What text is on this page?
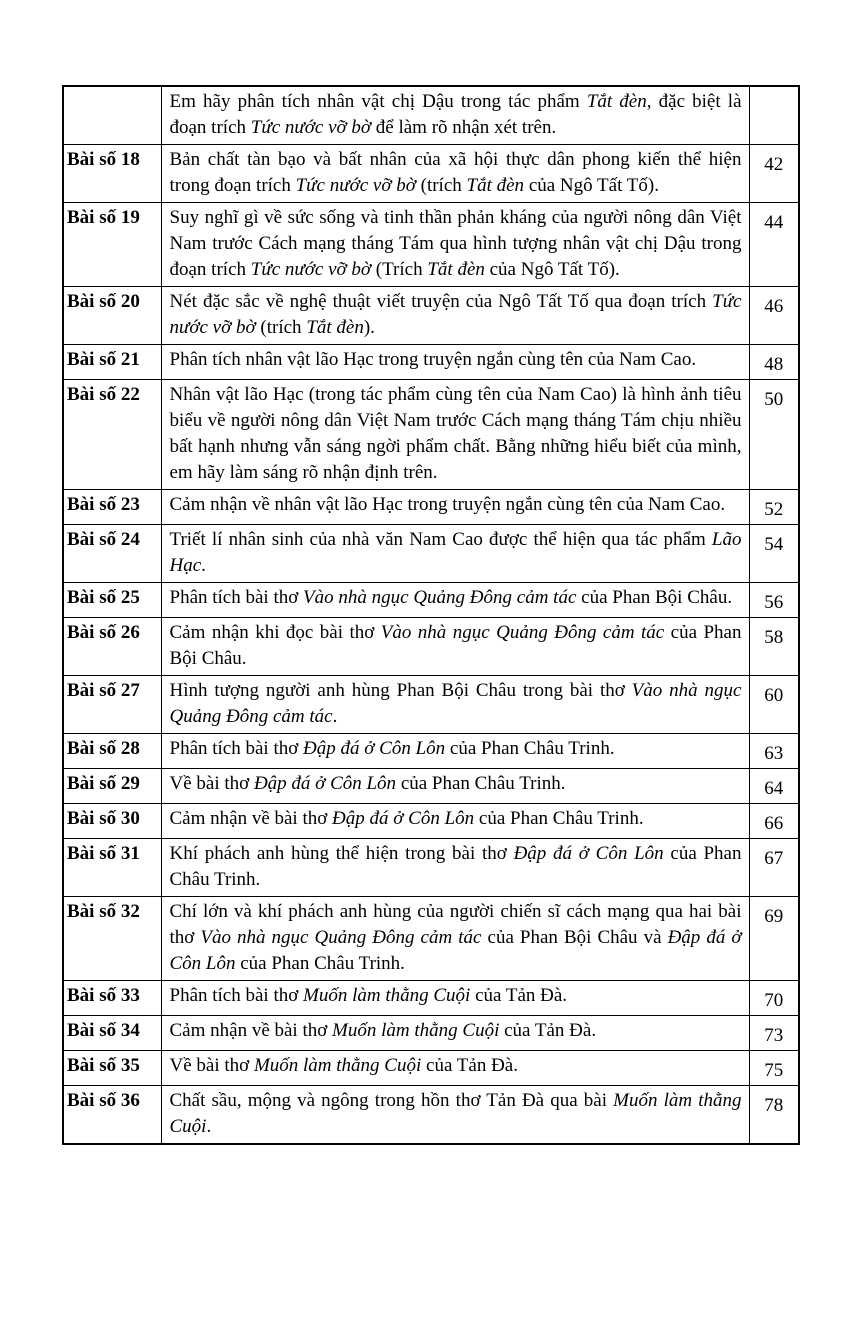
	Em hãy phân tích nhân vật chị Dậu trong tác phẩm Tắt đèn, đặc biệt là đoạn trích Tức nước vỡ bờ để làm rõ nhận xét trên.	
Bài số 18	Bản chất tàn bạo và bất nhân của xã hội thực dân phong kiến thể hiện trong đoạn trích Tức nước vỡ bờ (trích Tắt đèn của Ngô Tất Tố).	42
Bài số 19	Suy nghĩ gì về sức sống và tinh thần phản kháng của người nông dân Việt Nam trước Cách mạng tháng Tám qua hình tượng nhân vật chị Dậu trong đoạn trích Tức nước vỡ bờ (Trích Tắt đèn của Ngô Tất Tố).	44
Bài số 20	Nét đặc sắc về nghệ thuật viết truyện của Ngô Tất Tố qua đoạn trích Tức nước vỡ bờ (trích Tắt đèn).	46
Bài số 21	Phân tích nhân vật lão Hạc trong truyện ngắn cùng tên của Nam Cao.	48
Bài số 22	Nhân vật lão Hạc (trong tác phẩm cùng tên của Nam Cao) là hình ảnh tiêu biểu về người nông dân Việt Nam trước Cách mạng tháng Tám chịu nhiều bất hạnh nhưng vẫn sáng ngời phẩm chất. Bằng những hiểu biết của mình, em hãy làm sáng rõ nhận định trên.	50
Bài số 23	Cảm nhận về nhân vật lão Hạc trong truyện ngắn cùng tên của Nam Cao.	52
Bài số 24	Triết lí nhân sinh của nhà văn Nam Cao được thể hiện qua tác phẩm Lão Hạc.	54
Bài số 25	Phân tích bài thơ Vào nhà ngục Quảng Đông cảm tác của Phan Bội Châu.	56
Bài số 26	Cảm nhận khi đọc bài thơ Vào nhà ngục Quảng Đông cảm tác của Phan Bội Châu.	58
Bài số 27	Hình tượng người anh hùng Phan Bội Châu trong bài thơ Vào nhà ngục Quảng Đông cảm tác.	60
Bài số 28	Phân tích bài thơ Đập đá ở Côn Lôn của Phan Châu Trinh.	63
Bài số 29	Về bài thơ Đập đá ở Côn Lôn của Phan Châu Trinh.	64
Bài số 30	Cảm nhận về bài thơ Đập đá ở Côn Lôn của Phan Châu Trinh.	66
Bài số 31	Khí phách anh hùng thể hiện trong bài thơ Đập đá ở Côn Lôn của Phan Châu Trinh.	67
Bài số 32	Chí lớn và khí phách anh hùng của người chiến sĩ cách mạng qua hai bài thơ Vào nhà ngục Quảng Đông cảm tác của Phan Bội Châu và Đập đá ở Côn Lôn của Phan Châu Trinh.	69
Bài số 33	Phân tích bài thơ Muốn làm thằng Cuội của Tản Đà.	70
Bài số 34	Cảm nhận về bài thơ Muốn làm thằng Cuội của Tản Đà.	73
Bài số 35	Về bài thơ Muốn làm thằng Cuội của Tản Đà.	75
Bài số 36	Chất sầu, mộng và ngông trong hồn thơ Tản Đà qua bài Muốn làm thằng Cuội.	78
